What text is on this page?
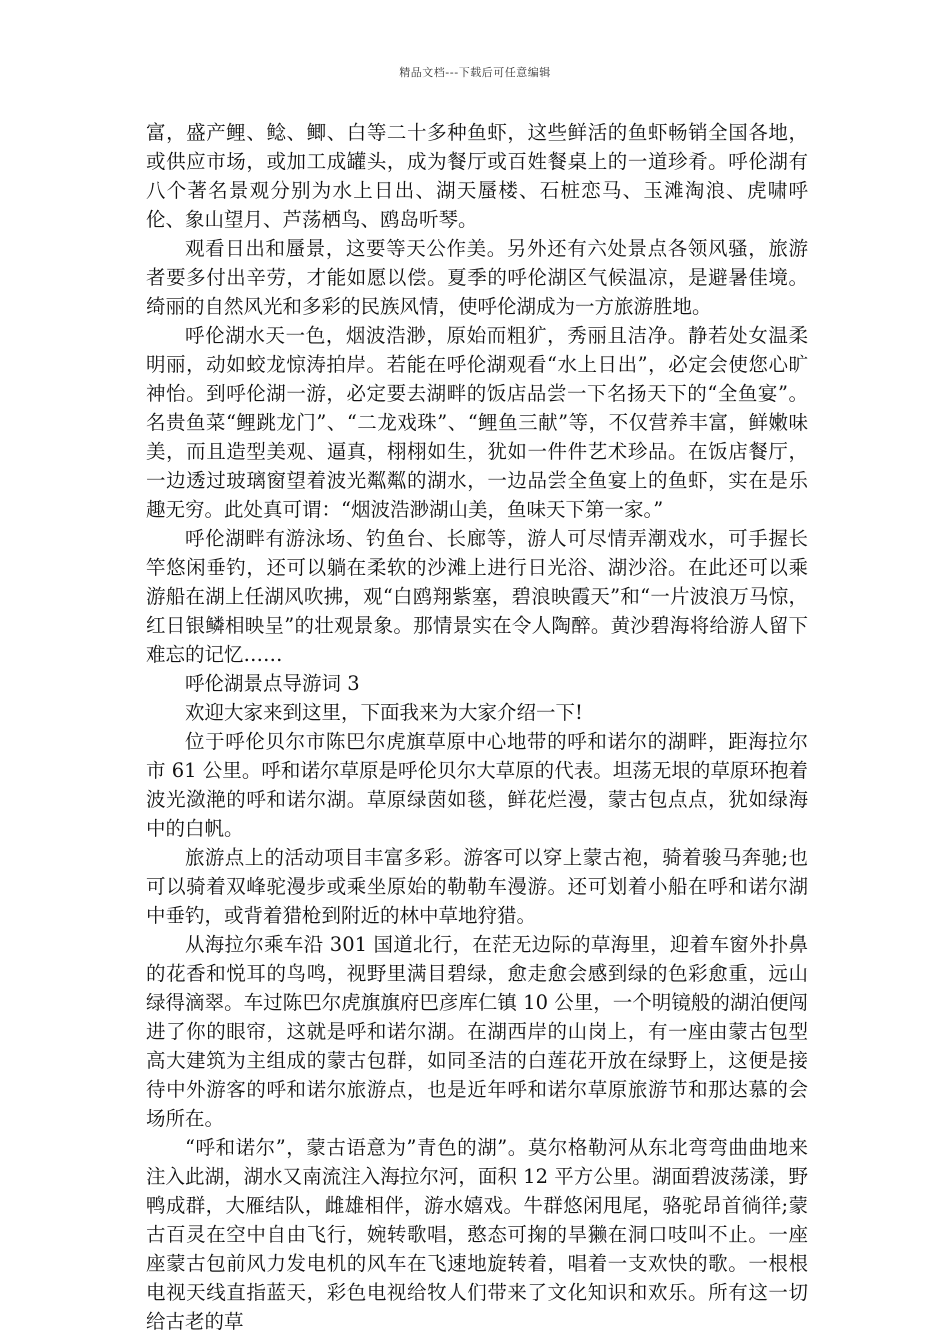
精品文档---下载后可任意编辑

富，盛产鲤、鲶、鲫、白等二十多种鱼虾，这些鲜活的鱼虾畅销全国各地，或供应市场，或加工成罐头，成为餐厅或百姓餐桌上的一道珍肴。呼伦湖有八个著名景观分别为水上日出、湖天蜃楼、石桩恋马、玉滩淘浪、虎啸呼伦、象山望月、芦荡栖鸟、鸥岛听琴。

观看日出和蜃景，这要等天公作美。另外还有六处景点各领风骚，旅游者要多付出辛劳，才能如愿以偿。夏季的呼伦湖区气候温凉，是避暑佳境。绮丽的自然风光和多彩的民族风情，使呼伦湖成为一方旅游胜地。

呼伦湖水天一色，烟波浩渺，原始而粗犷，秀丽且洁净。静若处女温柔明丽，动如蛟龙惊涛拍岸。若能在呼伦湖观看“水上日出”，必定会使您心旷神怡。到呼伦湖一游，必定要去湖畔的饭店品尝一下名扬天下的“全鱼宴”。名贵鱼菜“鲤跳龙门”、“二龙戏珠”、“鲤鱼三献”等，不仅营养丰富，鲜嫩味美，而且造型美观、逼真，栩栩如生，犹如一件件艺术珍品。在饭店餐厅，一边透过玻璃窗望着波光粼粼的湖水，一边品尝全鱼宴上的鱼虾，实在是乐趣无穷。此处真可谓：“烟波浩渺湖山美，鱼味天下第一家。”

呼伦湖畔有游泳场、钓鱼台、长廊等，游人可尽情弄潮戏水，可手握长竿悠闲垂钓，还可以躺在柔软的沙滩上进行日光浴、湖沙浴。在此还可以乘游船在湖上任湖风吹拂，观“白鸥翔紫塞，碧浪映霞天”和“一片波浪万马惊，红日银鳞相映呈”的壮观景象。那情景实在令人陶醉。黄沙碧海将给游人留下难忘的记忆……

呼伦湖景点导游词 3

欢迎大家来到这里，下面我来为大家介绍一下!

位于呼伦贝尔市陈巴尔虎旗草原中心地带的呼和诺尔的湖畔，距海拉尔市 61 公里。呼和诺尔草原是呼伦贝尔大草原的代表。坦荡无垠的草原环抱着波光潋滟的呼和诺尔湖。草原绿茵如毯，鲜花烂漫，蒙古包点点，犹如绿海中的白帆。

旅游点上的活动项目丰富多彩。游客可以穿上蒙古袍，骑着骏马奔驰;也可以骑着双峰驼漫步或乘坐原始的勒勒车漫游。还可划着小船在呼和诺尔湖中垂钓，或背着猎枪到附近的林中草地狩猎。

从海拉尔乘车沿 301 国道北行，在茫无边际的草海里，迎着车窗外扑鼻的花香和悦耳的鸟鸣，视野里满目碧绿，愈走愈会感到绿的色彩愈重，远山绿得滴翠。车过陈巴尔虎旗旗府巴彦库仁镇 10 公里，一个明镜般的湖泊便闯进了你的眼帘，这就是呼和诺尔湖。在湖西岸的山岗上，有一座由蒙古包型高大建筑为主组成的蒙古包群，如同圣洁的白莲花开放在绿野上，这便是接待中外游客的呼和诺尔旅游点，也是近年呼和诺尔草原旅游节和那达慕的会场所在。

“呼和诺尔”，蒙古语意为”青色的湖”。莫尔格勒河从东北弯弯曲曲地来注入此湖，湖水又南流注入海拉尔河，面积 12 平方公里。湖面碧波荡漾，野鸭成群，大雁结队，雌雄相伴，游水嬉戏。牛群悠闲甩尾，骆驼昂首徜徉;蒙古百灵在空中自由飞行，婉转歌唱，憨态可掬的旱獭在洞口吱叫不止。一座座蒙古包前风力发电机的风车在飞速地旋转着，唱着一支欢快的歌。一根根电视天线直指蓝天，彩色电视给牧人们带来了文化知识和欢乐。所有这一切给古老的草
